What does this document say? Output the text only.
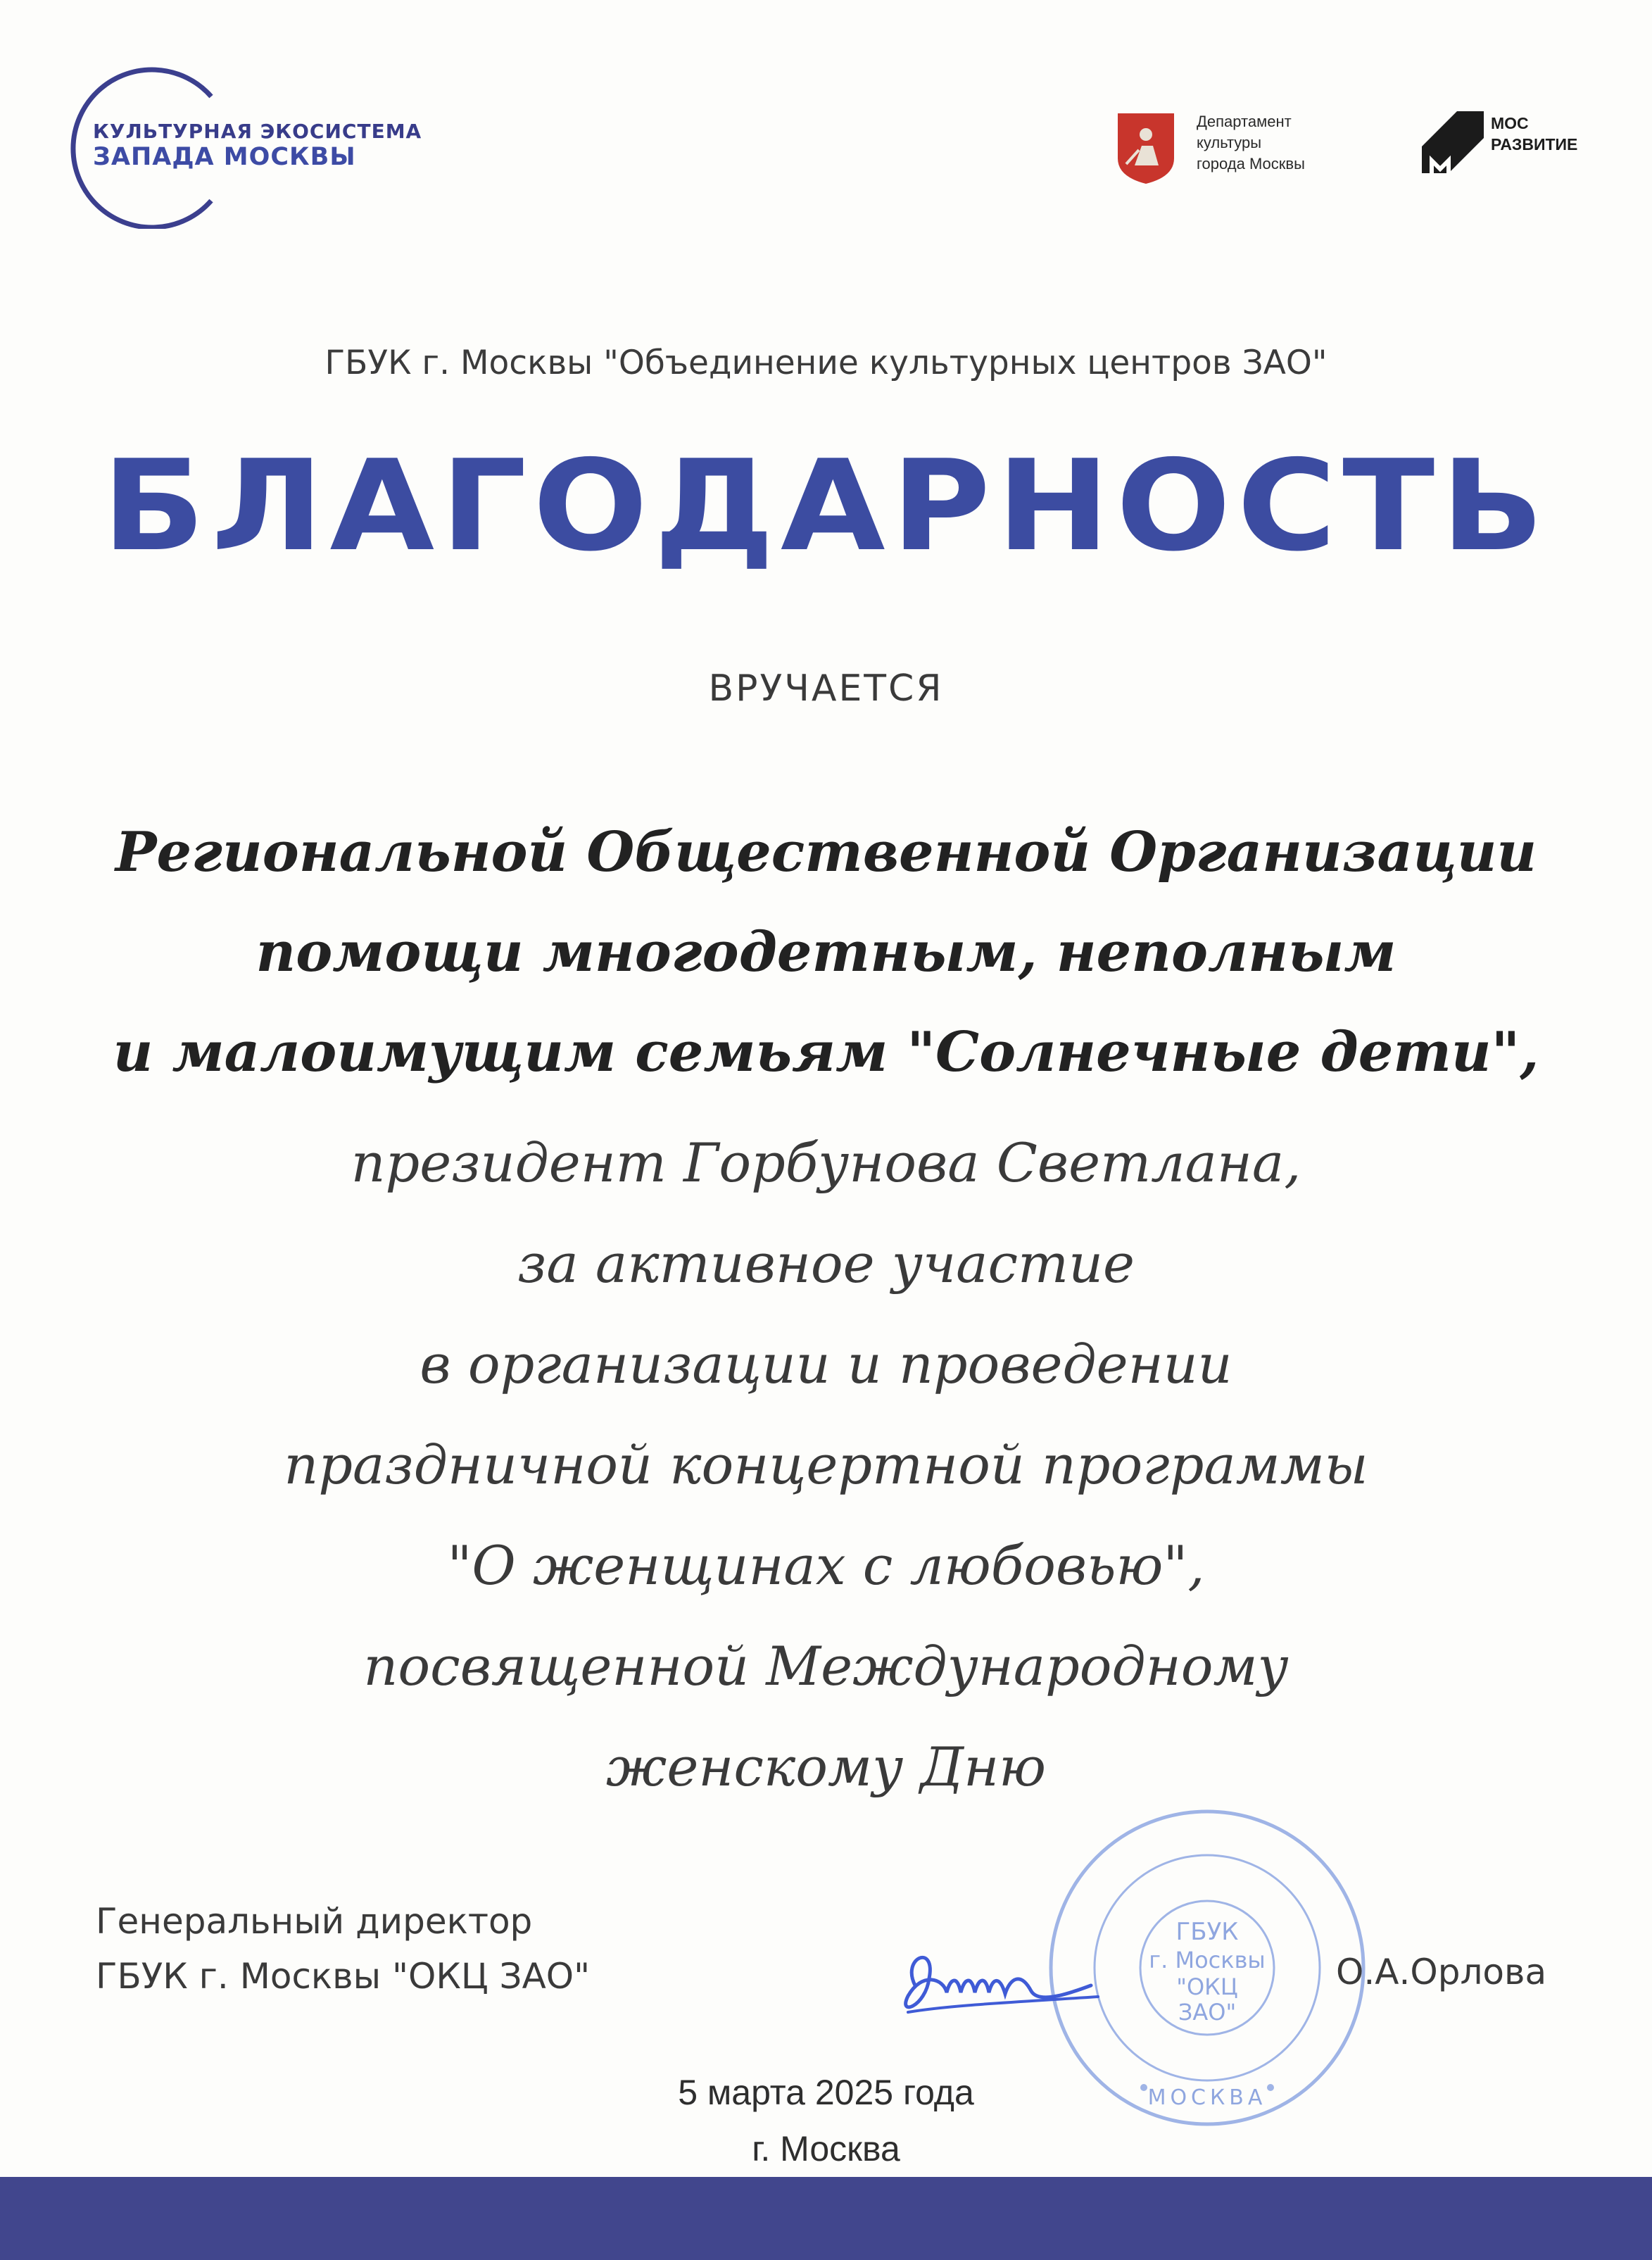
КУЛЬТУРНАЯ ЭКОСИСТЕМА
ЗАПАДА МОСКВЫ
Департамент
культуры
города Москвы
МОС
РАЗВИТИЕ
ГБУК г. Москвы "Объединение культурных центров ЗАО"
БЛАГОДАРНОСТЬ
ВРУЧАЕТСЯ
Региональной Общественной Организации
помощи многодетным, неполным
и малоимущим семьям "Солнечные дети",
президент Горбунова Светлана,
за активное участие
в организации и проведении
праздничной концертной программы
"О женщинах с любовью",
посвященной Международному
женскому Дню
Генеральный директор
ГБУК г. Москвы "ОКЦ ЗАО"
ГБУК
г. Москвы
"ОКЦ
ЗАО"
МОСКВА
О.А.Орлова
5 марта 2025 года
г. Москва
